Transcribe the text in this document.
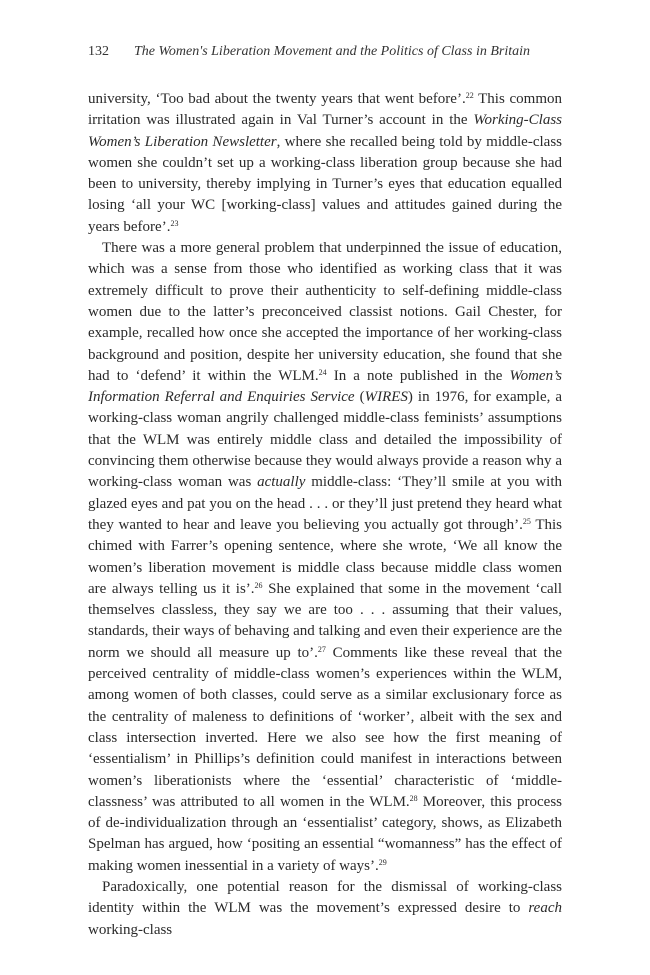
132 The Women's Liberation Movement and the Politics of Class in Britain

university, ‘Too bad about the twenty years that went before’.$^{22}$ This common irritation was illustrated again in Val Turner’s account in the Working-Class Women’s Liberation Newsletter, where she recalled being told by middle-class women she couldn’t set up a working-class liberation group because she had been to university, thereby implying in Turner’s eyes that education equalled losing ‘all your WC [working-class] values and attitudes gained during the years before’.$^{23}$

There was a more general problem that underpinned the issue of education, which was a sense from those who identified as working class that it was extremely difficult to prove their authenticity to self-defining middle-class women due to the latter’s preconceived classist notions. Gail Chester, for example, recalled how once she accepted the importance of her working-class background and position, despite her university education, she found that she had to ‘defend’ it within the WLM.$^{24}$ In a note published in the Women’s Information Referral and Enquiries Service (WIRES) in 1976, for example, a working-class woman angrily challenged middle-class feminists’ assumptions that the WLM was entirely middle class and detailed the impossibility of convincing them otherwise because they would always provide a reason why a working-class woman was actually middle-class: ‘They’ll smile at you with glazed eyes and pat you on the head . . . or they’ll just pretend they heard what they wanted to hear and leave you believing you actually got through’.$^{25}$ This chimed with Farrer’s opening sentence, where she wrote, ‘We all know the women’s liberation movement is middle class because middle class women are always telling us it is’.$^{26}$ She explained that some in the movement ‘call themselves classless, they say we are too . . . assuming that their values, standards, their ways of behaving and talking and even their experience are the norm we should all measure up to’.$^{27}$ Comments like these reveal that the perceived centrality of middle-class women’s experiences within the WLM, among women of both classes, could serve as a similar exclusionary force as the centrality of maleness to definitions of ‘worker’, albeit with the sex and class intersection inverted. Here we also see how the first meaning of ‘essentialism’ in Phillips’s definition could manifest in interactions between women’s liberationists where the ‘essential’ characteristic of ‘middle-classness’ was attributed to all women in the WLM.$^{28}$ Moreover, this process of de-individualization through an ‘essentialist’ category, shows, as Elizabeth Spelman has argued, how ‘positing an essential “womanness” has the effect of making women inessential in a variety of ways’.$^{29}$

Paradoxically, one potential reason for the dismissal of working-class identity within the WLM was the movement’s expressed desire to reach working-class
